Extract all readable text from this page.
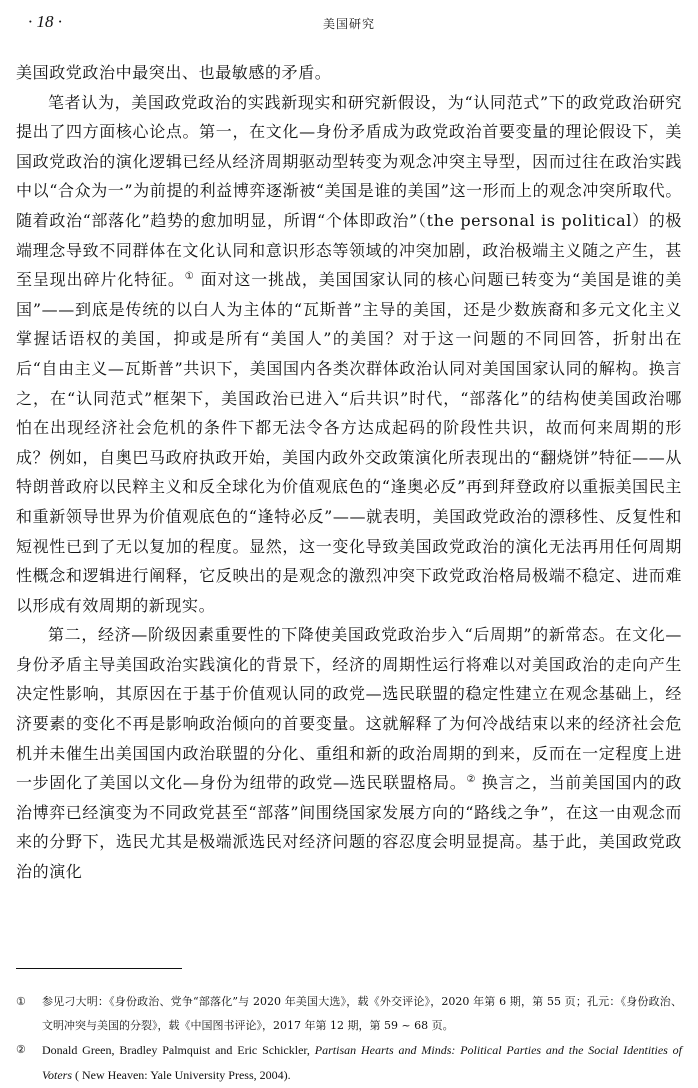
· 18 ·	美国研究

美国政党政治中最突出、也最敏感的矛盾。

笔者认为，美国政党政治的实践新现实和研究新假设，为“认同范式”下的政党政治研究提出了四方面核心论点。第一，在文化—身份矛盾成为政党政治首要变量的理论假设下，美国政党政治的演化逻辑已经从经济周期驱动型转变为观念冲突主导型，因而过往在政治实践中以“合众为一”为前提的利益博弈逐渐被“美国是谁的美国”这一形而上的观念冲突所取代。随着政治“部落化”趋势的愈加明显，所谓“个体即政治”（the personal is political）的极端理念导致不同群体在文化认同和意识形态等领域的冲突加剧，政治极端主义随之产生，甚至呈现出碎片化特征。① 面对这一挑战，美国国家认同的核心问题已转变为“美国是谁的美国”——到底是传统的以白人为主体的“瓦斯普”主导的美国，还是少数族裔和多元文化主义掌握话语权的美国，抑或是所有“美国人”的美国？对于这一问题的不同回答，折射出在后“自由主义—瓦斯普”共识下，美国国内各类次群体政治认同对美国国家认同的解构。换言之，在“认同范式”框架下，美国政治已进入“后共识”时代，“部落化”的结构使美国政治哪怕在出现经济社会危机的条件下都无法令各方达成起码的阶段性共识，故而何来周期的形成？例如，自奥巴马政府执政开始，美国内政外交政策演化所表现出的“翻烧饼”特征——从特朗普政府以民粹主义和反全球化为价值观底色的“逢奥必反”再到拜登政府以重振美国民主和重新领导世界为价值观底色的“逢特必反”——就表明，美国政党政治的漂移性、反复性和短视性已到了无以复加的程度。显然，这一变化导致美国政党政治的演化无法再用任何周期性概念和逻辑进行阐释，它反映出的是观念的激烈冲突下政党政治格局极端不稳定、进而难以形成有效周期的新现实。

第二，经济—阶级因素重要性的下降使美国政党政治步入“后周期”的新常态。在文化—身份矛盾主导美国政治实践演化的背景下，经济的周期性运行将难以对美国政治的走向产生决定性影响，其原因在于基于价值观认同的政党—选民联盟的稳定性建立在观念基础上，经济要素的变化不再是影响政治倾向的首要变量。这就解释了为何冷战结束以来的经济社会危机并未催生出美国国内政治联盟的分化、重组和新的政治周期的到来，反而在一定程度上进一步固化了美国以文化—身份为纽带的政党—选民联盟格局。② 换言之，当前美国国内的政治博弈已经演变为不同政党甚至“部落”间围绕国家发展方向的“路线之争”，在这一由观念而来的分野下，选民尤其是极端派选民对经济问题的容忍度会明显提高。基于此，美国政党政治的演化

①	参见刁大明：《身份政治、党争“部落化”与 2020 年美国大选》，载《外交评论》，2020 年第 6 期，第 55 页；孔元：《身份政治、文明冲突与美国的分裂》，载《中国图书评论》，2017 年第 12 期，第 59 ~ 68 页。
②	Donald Green, Bradley Palmquist and Eric Schickler, Partisan Hearts and Minds: Political Parties and the Social Identities of Voters ( New Heaven: Yale University Press, 2004).
